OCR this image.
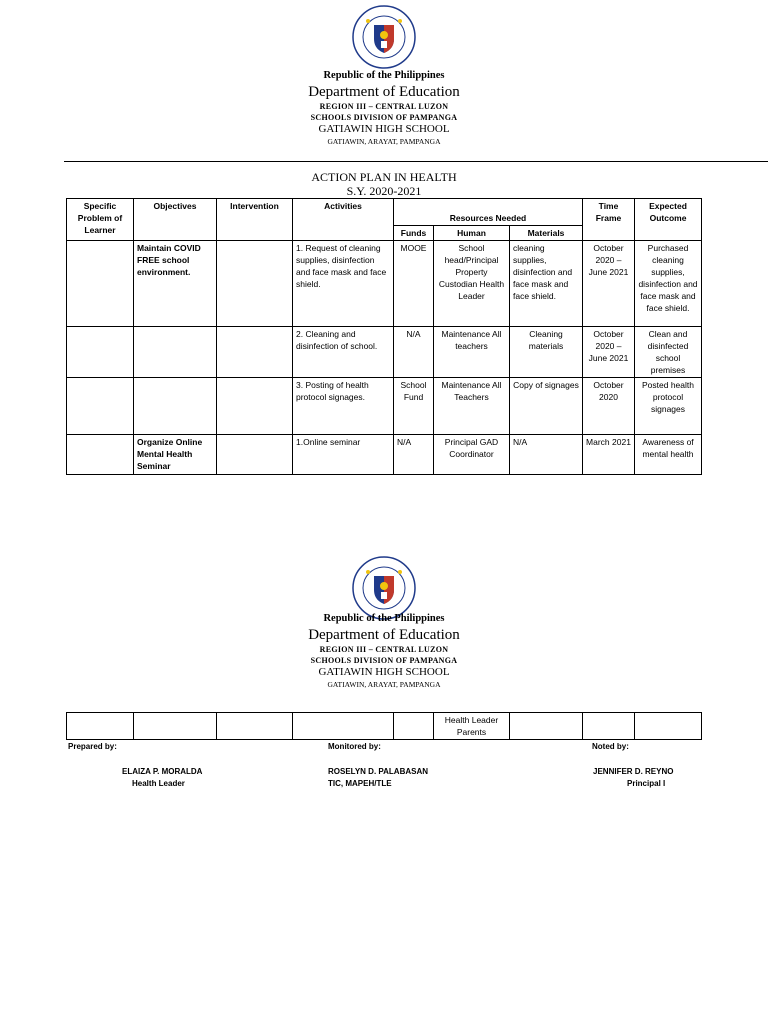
Republic of the Philippines
Department of Education
REGION III – CENTRAL LUZON
SCHOOLS DIVISION OF PAMPANGA
GATIAWIN HIGH SCHOOL
GATIAWIN, ARAYAT, PAMPANGA
ACTION PLAN IN HEALTH
S.Y. 2020-2021
Specific Problem of Learner	Objectives	Intervention	Activities	Resources Needed			Time Frame	Expected Outcome
				Funds	Human	Materials		
	Maintain COVID FREE school environment.		1. Request of cleaning supplies, disinfection and face mask and face shield.	MOOE	School head/Principal Property Custodian Health Leader	cleaning supplies, disinfection and face mask and face shield.	October 2020 – June 2021	Purchased cleaning supplies, disinfection and face mask and face shield.
			2. Cleaning and disinfection of school.	N/A	Maintenance All teachers	Cleaning materials	October 2020 – June 2021	Clean and disinfected school premises
			3. Posting of health protocol signages.	School Fund	Maintenance All Teachers	Copy of signages	October 2020	Posted health protocol signages
	Organize Online Mental Health Seminar		1.Online seminar	N/A	Principal GAD Coordinator	N/A	March 2021	Awareness of mental health
Republic of the Philippines
Department of Education
REGION III – CENTRAL LUZON
SCHOOLS DIVISION OF PAMPANGA
GATIAWIN HIGH SCHOOL
GATIAWIN, ARAYAT, PAMPANGA
					Health Leader Parents			
Prepared by:
ELAIZA P. MORALDA
Health Leader
Monitored by:
ROSELYN D. PALABASAN
TIC, MAPEH/TLE
Noted by:
JENNIFER D. REYNO
Principal I
